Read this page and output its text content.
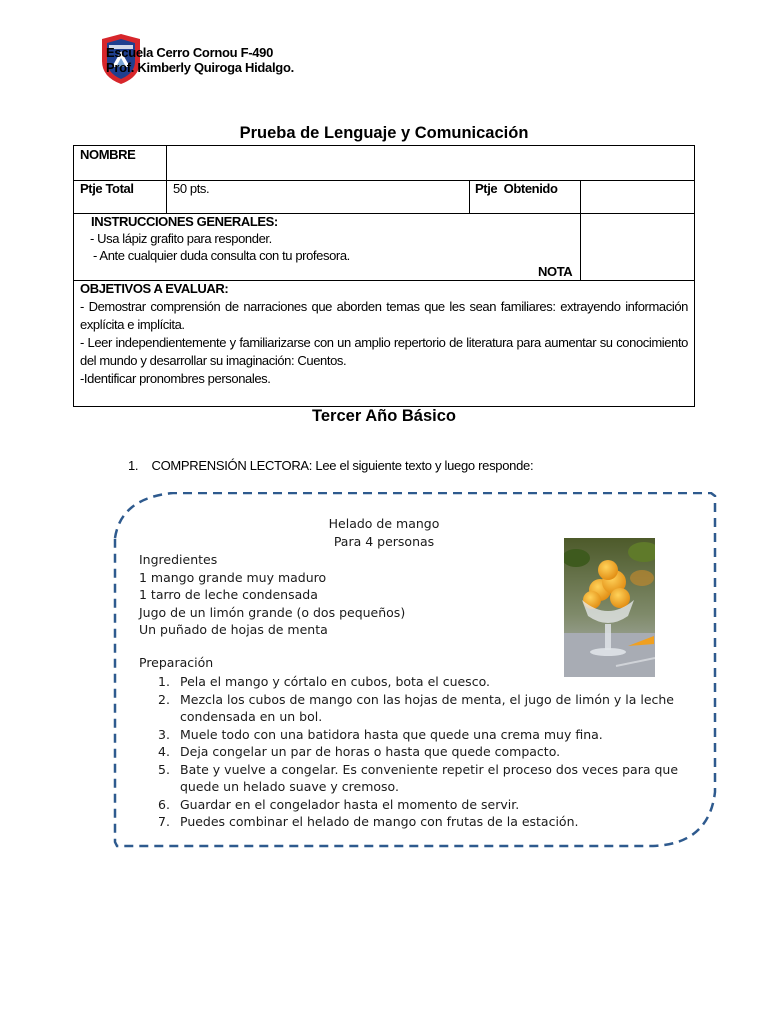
Escuela Cerro Cornou F-490
Prof. Kimberly Quiroga Hidalgo.
Prueba de Lenguaje y Comunicación
NOMBRE
Ptje Total	50 pts.	Ptje  Obtenido
INSTRUCCIONES GENERALES:
- Usa lápiz grafito para responder.
- Ante cualquier duda consulta con tu profesora.
NOTA
OBJETIVOS A EVALUAR:
- Demostrar comprensión de narraciones que aborden temas que les sean familiares: extrayendo información explícita e implícita.
- Leer independientemente y familiarizarse con un amplio repertorio de literatura para aumentar su conocimiento del mundo y desarrollar su imaginación: Cuentos.
-Identificar pronombres personales.
Tercer Año Básico
1. COMPRENSIÓN LECTORA: Lee el siguiente texto y luego responde:
Helado de mango
Para 4 personas
Ingredientes
1 mango grande muy maduro
1 tarro de leche condensada
Jugo de un limón grande (o dos pequeños)
Un puñado de hojas de menta
Preparación
1. Pela el mango y córtalo en cubos, bota el cuesco.
2. Mezcla los cubos de mango con las hojas de menta, el jugo de limón y la leche condensada en un bol.
3. Muele todo con una batidora hasta que quede una crema muy fina.
4. Deja congelar un par de horas o hasta que quede compacto.
5. Bate y vuelve a congelar. Es conveniente repetir el proceso dos veces para que quede un helado suave y cremoso.
6. Guardar en el congelador hasta el momento de servir.
7. Puedes combinar el helado de mango con frutas de la estación.
